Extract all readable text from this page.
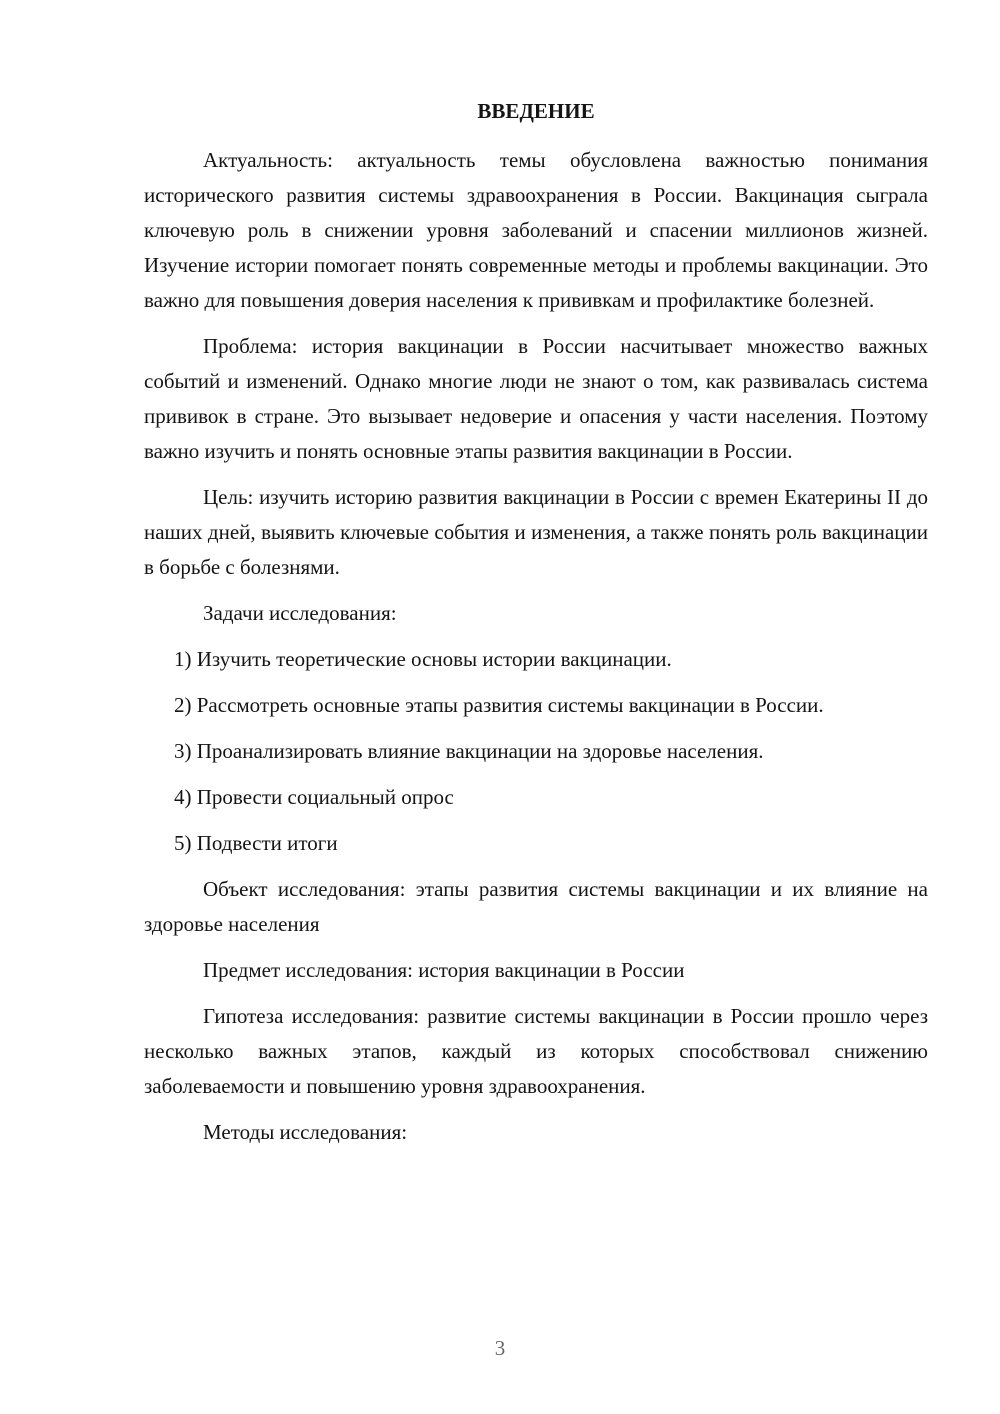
ВВЕДЕНИЕ

Актуальность: актуальность темы обусловлена важностью понимания исторического развития системы здравоохранения в России. Вакцинация сыграла ключевую роль в снижении уровня заболеваний и спасении миллионов жизней. Изучение истории помогает понять современные методы и проблемы вакцинации. Это важно для повышения доверия населения к прививкам и профилактике болезней.

Проблема: история вакцинации в России насчитывает множество важных событий и изменений. Однако многие люди не знают о том, как развивалась система прививок в стране. Это вызывает недоверие и опасения у части населения. Поэтому важно изучить и понять основные этапы развития вакцинации в России.

Цель: изучить историю развития вакцинации в России с времен Екатерины II до наших дней, выявить ключевые события и изменения, а также понять роль вакцинации в борьбе с болезнями.

Задачи исследования:

1) Изучить теоретические основы истории вакцинации.

2) Рассмотреть основные этапы развития системы вакцинации в России.

3) Проанализировать влияние вакцинации на здоровье населения.

4) Провести социальный опрос

5) Подвести итоги

Объект исследования: этапы развития системы вакцинации и их влияние на здоровье населения

Предмет исследования: история вакцинации в России

Гипотеза исследования: развитие системы вакцинации в России прошло через несколько важных этапов, каждый из которых способствовал снижению заболеваемости и повышению уровня здравоохранения.

Методы исследования:

3
